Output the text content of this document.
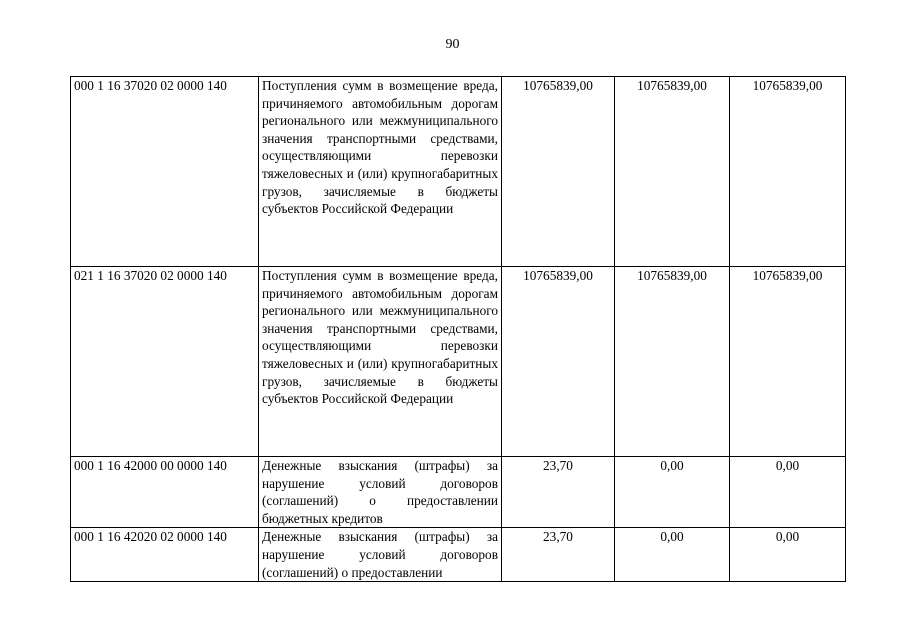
90
000 1 16 37020 02 0000 140	Поступления сумм в возмещение вреда, причиняемого автомобильным дорогам регионального или межмуниципального значения транспортными средствами, осуществляющими перевозки тяжеловесных и (или) крупногабаритных грузов, зачисляемые в бюджеты субъектов Российской Федерации	10765839,00	10765839,00	10765839,00
021 1 16 37020 02 0000 140	Поступления сумм в возмещение вреда, причиняемого автомобильным дорогам регионального или межмуниципального значения транспортными средствами, осуществляющими перевозки тяжеловесных и (или) крупногабаритных грузов, зачисляемые в бюджеты субъектов Российской Федерации	10765839,00	10765839,00	10765839,00
000 1 16 42000 00 0000 140	Денежные взыскания (штрафы) за нарушение условий договоров (соглашений) о предоставлении бюджетных кредитов	23,70	0,00	0,00
000 1 16 42020 02 0000 140	Денежные взыскания (штрафы) за нарушение условий договоров (соглашений) о предоставлении	23,70	0,00	0,00
